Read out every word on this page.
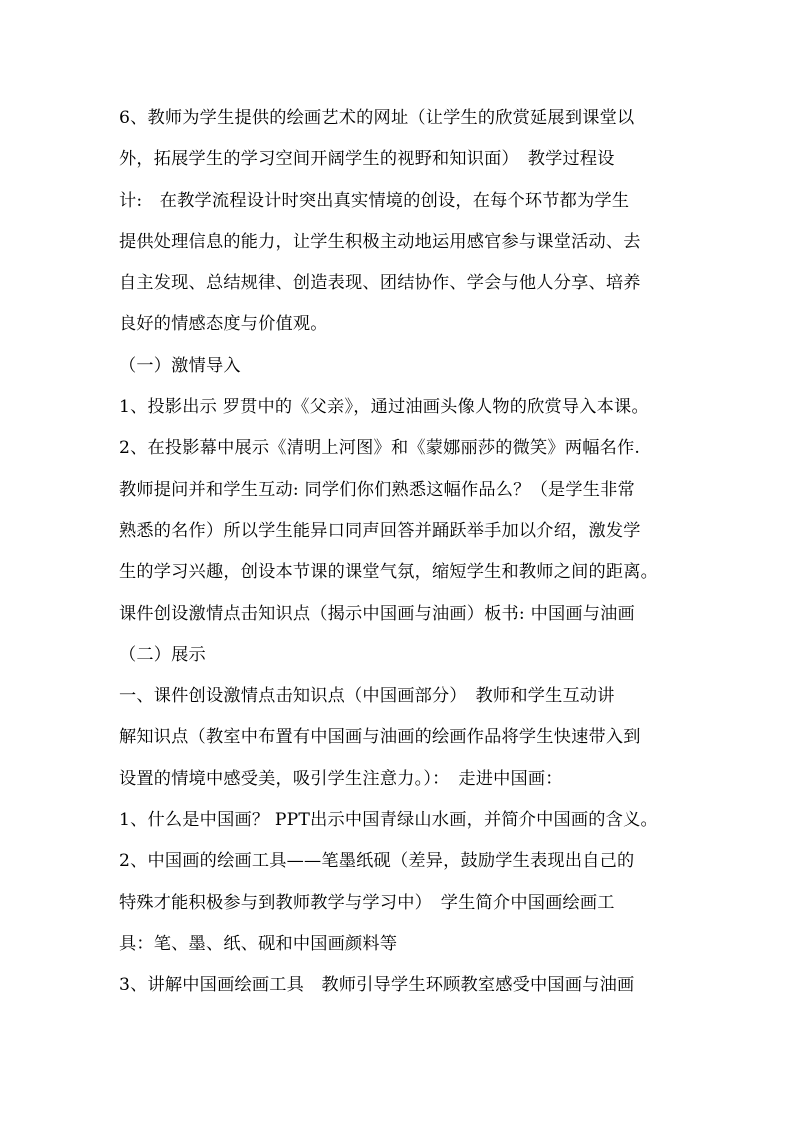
6、教师为学生提供的绘画艺术的网址（让学生的欣赏延展到课堂以
外，拓展学生的学习空间开阔学生的视野和知识面）　教学过程设
计:　在教学流程设计时突出真实情境的创设，在每个环节都为学生
提供处理信息的能力，让学生积极主动地运用感官参与课堂活动、去
自主发现、总结规律、创造表现、团结协作、学会与他人分享、培养
良好的情感态度与价值观。
（一）激情导入
1、投影出示 罗贯中的《父亲》，通过油画头像人物的欣赏导入本课。
2、在投影幕中展示《清明上河图》和《蒙娜丽莎的微笑》两幅名作.
教师提问并和学生互动: 同学们你们熟悉这幅作品么？（是学生非常
熟悉的名作）所以学生能异口同声回答并踊跃举手加以介绍，激发学
生的学习兴趣，创设本节课的课堂气氛，缩短学生和教师之间的距离。
课件创设激情点击知识点（揭示中国画与油画）板书: 中国画与油画
（二）展示
一、课件创设激情点击知识点（中国画部分）　教师和学生互动讲
解知识点（教室中布置有中国画与油画的绘画作品将学生快速带入到
设置的情境中感受美，吸引学生注意力。）：　走进中国画：
1、什么是中国画？ PPT出示中国青绿山水画，并简介中国画的含义。
2、中国画的绘画工具——笔墨纸砚（差异，鼓励学生表现出自己的
特殊才能积极参与到教师教学与学习中）　学生简介中国画绘画工
具：笔、墨、纸、砚和中国画颜料等
3、讲解中国画绘画工具　教师引导学生环顾教室感受中国画与油画
